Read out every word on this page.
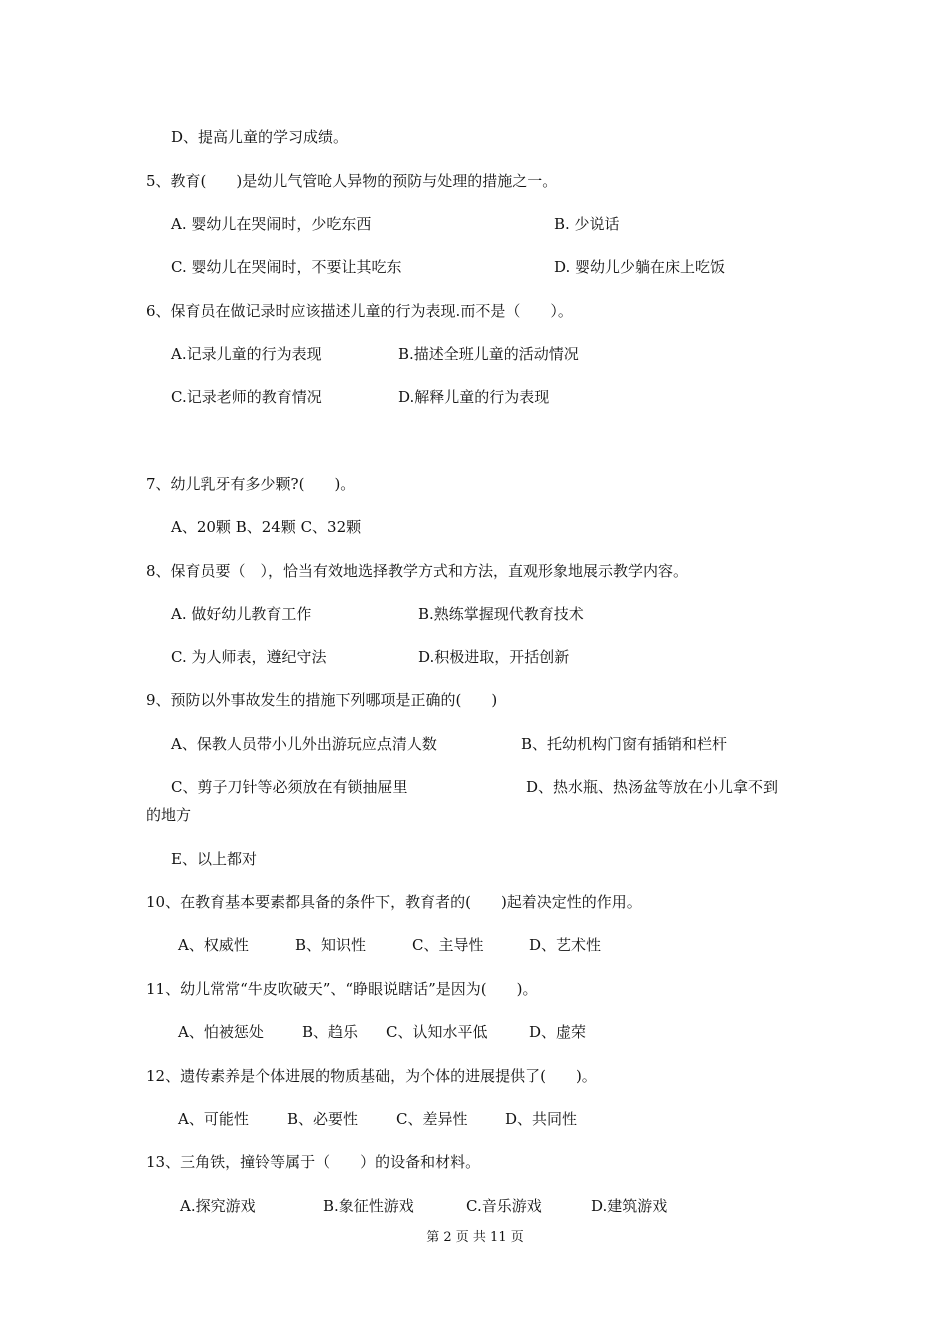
D、提高儿童的学习成绩。
5、教育(　　)是幼儿气管呛人异物的预防与处理的措施之一。
A. 婴幼儿在哭闹时，少吃东西	B. 少说话
C. 婴幼儿在哭闹时，不要让其吃东	D. 婴幼儿少躺在床上吃饭
6、保育员在做记录时应该描述儿童的行为表现.而不是（　　）。
A.记录儿童的行为表现	B.描述全班儿童的活动情况
C.记录老师的教育情况	D.解释儿童的行为表现
7、幼儿乳牙有多少颗?(　　)。
A、20颗 B、24颗 C、32颗
8、保育员要（　），恰当有效地选择教学方式和方法，直观形象地展示教学内容。
A. 做好幼儿教育工作	B.熟练掌握现代教育技术
C. 为人师表，遵纪守法	D.积极进取，开括创新
9、预防以外事故发生的措施下列哪项是正确的(　　)
A、保教人员带小儿外出游玩应点清人数	B、托幼机构门窗有插销和栏杆
C、剪子刀针等必须放在有锁抽屉里	D、热水瓶、热汤盆等放在小儿拿不到
的地方
E、以上都对
10、在教育基本要素都具备的条件下，教育者的(　　)起着决定性的作用。
A、权威性	B、知识性	C、主导性	D、艺术性
11、幼儿常常“牛皮吹破天”、“睁眼说瞎话”是因为(　　)。
A、怕被惩处	B、趋乐 C、认知水平低	D、虚荣
12、遗传素养是个体进展的物质基础，为个体的进展提供了(　　)。
A、可能性	B、必要性	C、差异性	D、共同性
13、三角铁，撞铃等属于（　　）的设备和材料。
A.探究游戏	B.象征性游戏	C.音乐游戏	D.建筑游戏
第 2 页 共 11 页
